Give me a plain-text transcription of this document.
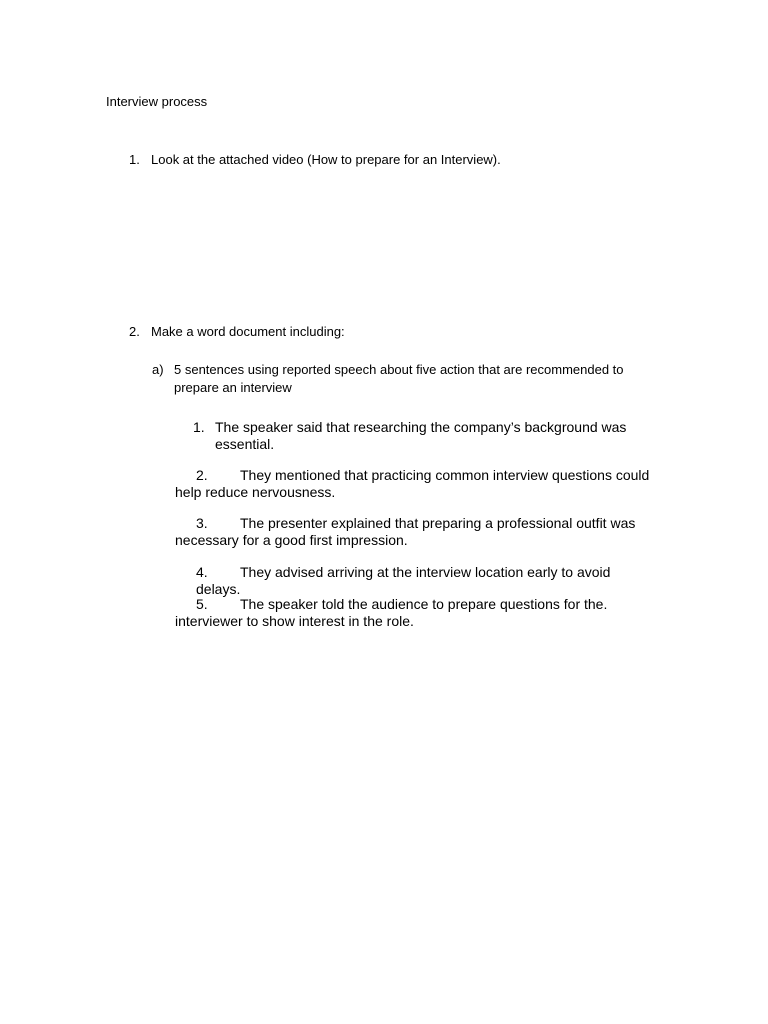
Interview process
1. Look at the attached video (How to prepare for an Interview).
2. Make a word document including:
a) 5 sentences using reported speech about five action that are recommended to prepare an interview
1. The speaker said that researching the company’s background was essential.
2. They mentioned that practicing common interview questions could
help reduce nervousness.
3. The presenter explained that preparing a professional outfit was
necessary for a good first impression.
4. They advised arriving at the interview location early to avoid delays.
5. The speaker told the audience to prepare questions for the.
interviewer to show interest in the role.
